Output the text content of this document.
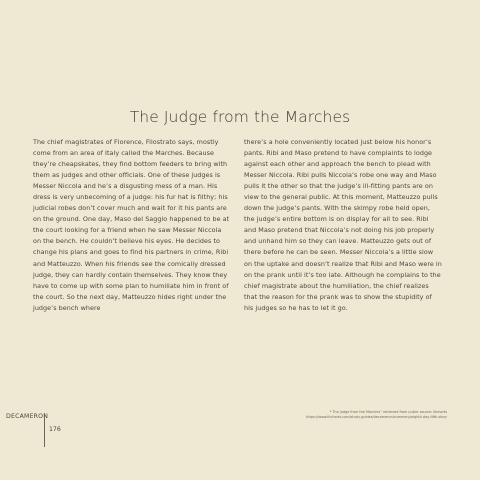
The Judge from the Marches

The chief magistrates of Florence, Filostrato says, mostly come from an area of Italy called the Marches. Because they’re cheapskates, they find bottom feeders to bring with them as judges and other officials. One of these judges is Messer Niccola and he’s a disgusting mess of a man. His dress is very unbecoming of a judge: his fur hat is filthy; his judicial robes don’t cover much and wait for it his pants are on the ground. One day, Maso del Saggio happened to be at the court looking for a friend when he saw Messer Niccola on the bench. He couldn’t believe his eyes. He decides to change his plans and goes to find his partners in crime, Ribi and Matteuzzo. When his friends see the comically dressed judge, they can hardly contain themselves. They know they have to come up with some plan to humiliate him in front of the court. So the next day, Matteuzzo hides right under the judge’s bench where

there’s a hole conveniently located just below his honor’s pants. Ribi and Maso pretend to have complaints to lodge against each other and approach the bench to plead with Messer Niccola. Ribi pulls Niccola’s robe one way and Maso pulls it the other so that the judge’s ill-fitting pants are on view to the general public. At this moment, Matteuzzo pulls down the judge’s pants. With the skimpy robe held open, the judge’s entire bottom is on display for all to see. Ribi and Maso pretend that Niccola’s not doing his job properly and unhand him so they can leave. Matteuzzo gets out of there before he can be seen. Messer Niccola’s a little slow on the uptake and doesn’t realize that Ribi and Maso were in on the prank until it’s too late. Although he complains to the chief magistrate about the humiliation, the chief realizes that the reason for the prank was to show the stupidity of his judges so he has to let it go.

* The Judge from the Marches” retrieved from public source: litcharts
https://www.litcharts.com/study-guides/decameron/summary/eighth-day-fifth-story
DECAMERON
176
